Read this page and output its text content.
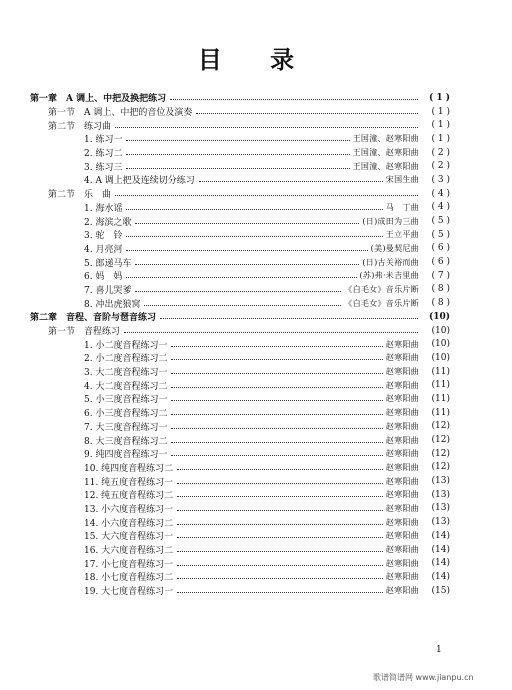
目 录
第一章　A 调上、中把及换把练习	( 1 )
第一节　A 调上、中把的音位及演奏	( 1 )
第二节　练习曲	( 1 )
1. 练习一	王国潼、赵寒阳曲	( 1 )
2. 练习二	王国潼、赵寒阳曲	( 2 )
3. 练习三	王国潼、赵寒阳曲	( 2 )
4. A 调上把及连续切分练习	宋国生曲	( 3 )
第二节　乐　曲	( 4 )
1. 海水谣	马　丁曲	( 4 )
2. 海滨之歌	(日)成田为三曲	( 5 )
3. 驼　铃	王立平曲	( 5 )
4. 月亮河	(美)曼契尼曲	( 6 )
5. 郎递马车	(日)古关裕而曲	( 6 )
6. 妈　妈	(苏)弗·米吉里曲	( 7 )
7. 喜儿哭爹	《白毛女》音乐片断	( 8 )
8. 冲出虎狼窝	《白毛女》音乐片断	( 8 )
第二章　音程、音阶与琶音练习	(10)
第一节　音程练习	(10)
1. 小二度音程练习一	赵寒阳曲	(10)
2. 小二度音程练习二	赵寒阳曲	(10)
3. 大二度音程练习一	赵寒阳曲	(11)
4. 大二度音程练习二	赵寒阳曲	(11)
5. 小三度音程练习一	赵寒阳曲	(11)
6. 小三度音程练习二	赵寒阳曲	(11)
7. 大三度音程练习一	赵寒阳曲	(12)
8. 大三度音程练习二	赵寒阳曲	(12)
9. 纯四度音程练习一	赵寒阳曲	(12)
10. 纯四度音程练习二	赵寒阳曲	(12)
11. 纯五度音程练习一	赵寒阳曲	(13)
12. 纯五度音程练习二	赵寒阳曲	(13)
13. 小六度音程练习一	赵寒阳曲	(13)
14. 小六度音程练习二	赵寒阳曲	(13)
15. 大六度音程练习一	赵寒阳曲	(14)
16. 大六度音程练习二	赵寒阳曲	(14)
17. 小七度音程练习一	赵寒阳曲	(14)
18. 小七度音程练习二	赵寒阳曲	(14)
19. 大七度音程练习一	赵寒阳曲	(15)
1
歌谱简谱网 www.jianpu.cn
